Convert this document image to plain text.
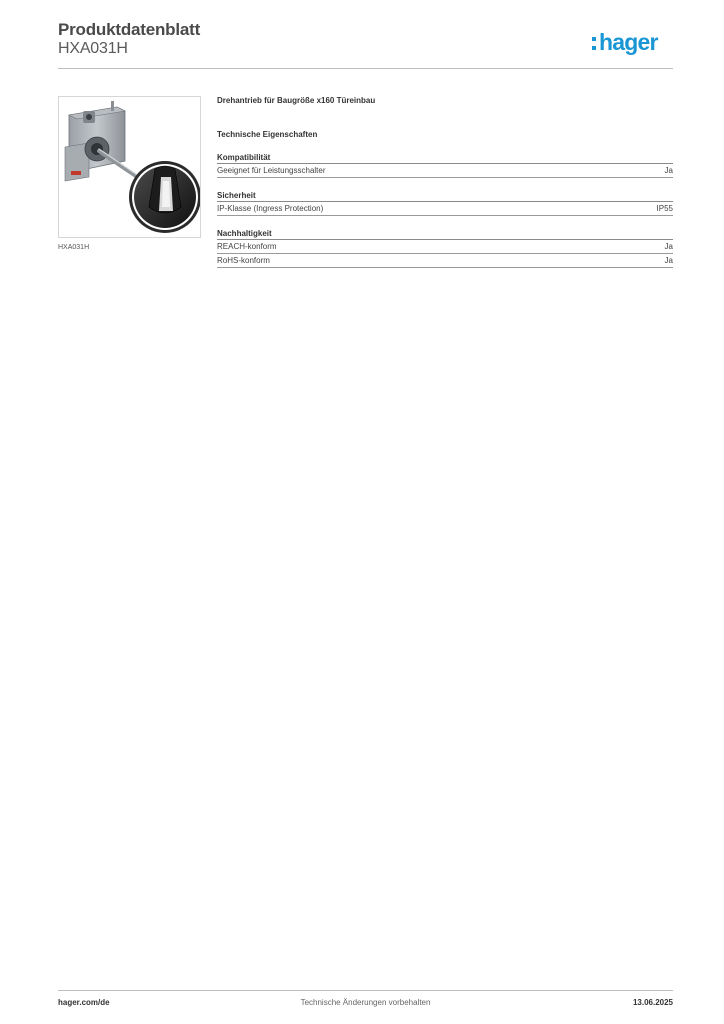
Produktdatenblatt
HXA031H	hager
HXA031H
Drehantrieb für Baugröße x160 Türeinbau
Technische Eigenschaften
Kompatibilität
Geeignet für Leistungsschalter	Ja
Sicherheit
IP-Klasse (Ingress Protection)	IP55
Nachhaltigkeit
REACH-konform	Ja
RoHS-konform	Ja
Technische Änderungen vorbehalten
hager.com/de	13.06.2025
